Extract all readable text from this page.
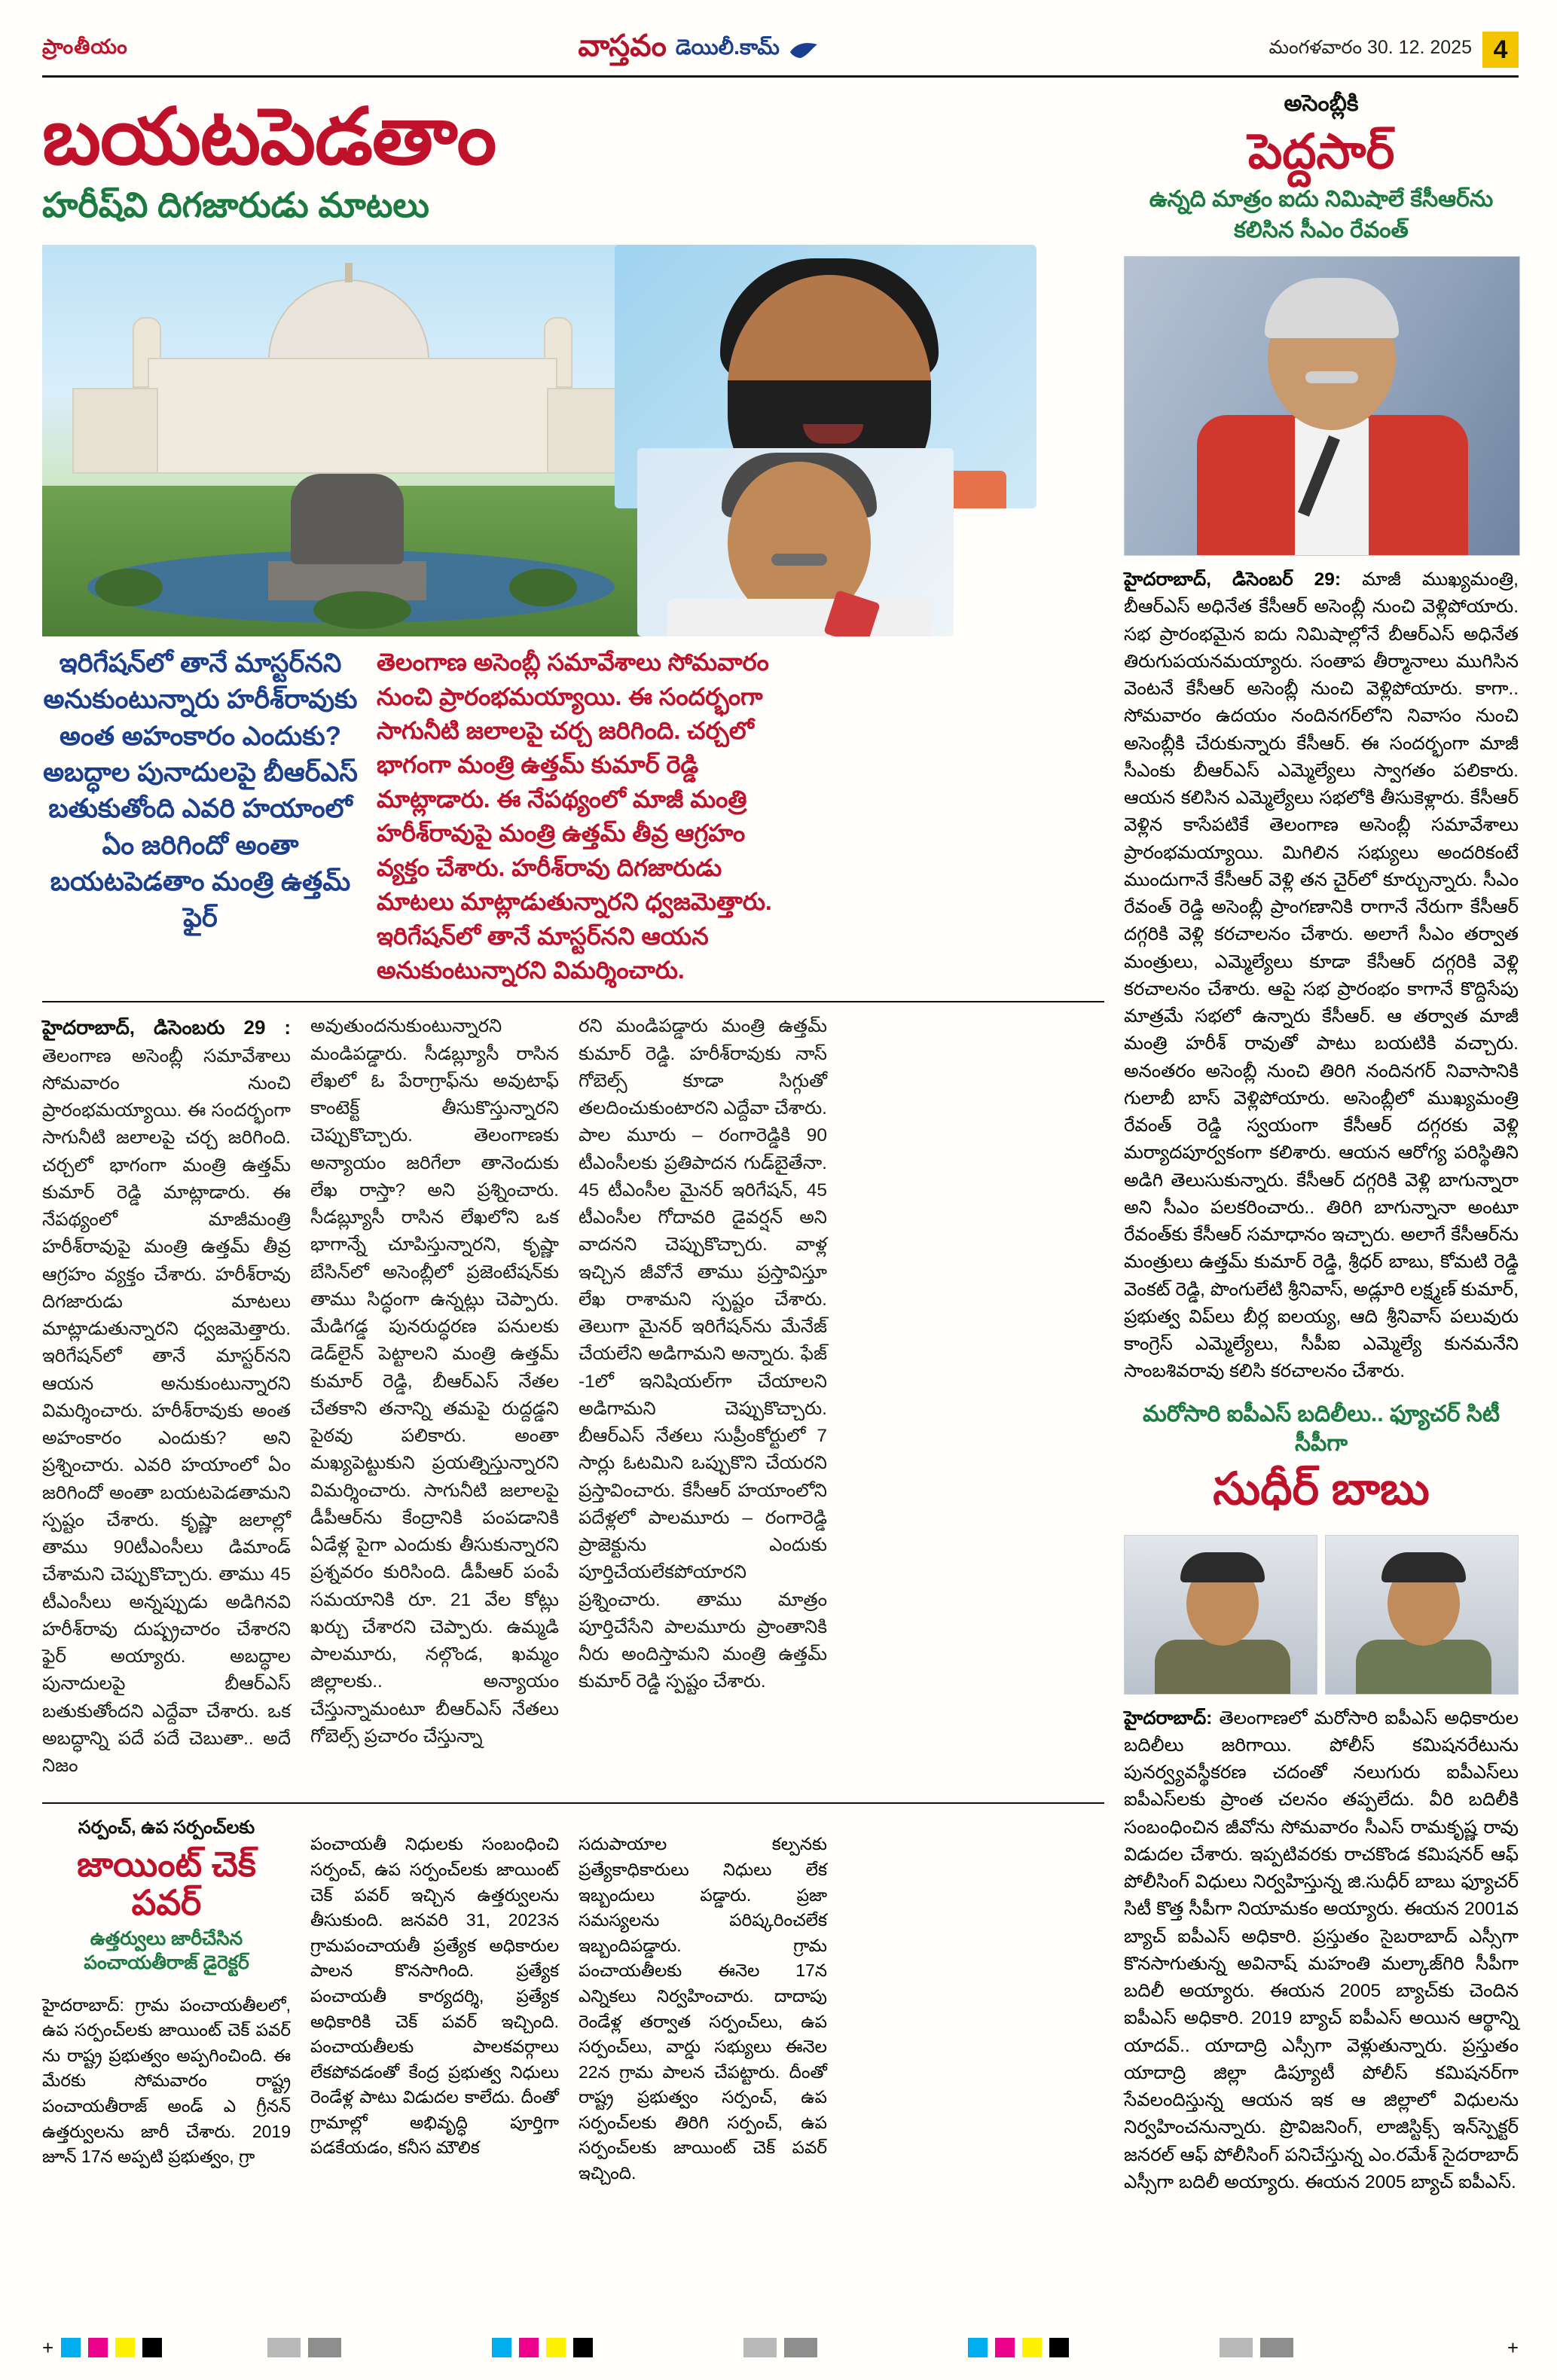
ప్రాంతీయం	వాస్తవం డెయిలీ.కామ్	మంగళవారం 30. 12. 2025 4
బయటపెడతాం
హరీష్‌వి దిగజారుడు మాటలు
ఇరిగేషన్‌లో తానే మాస్టర్‌నని అనుకుంటున్నారు హరీశ్‌రావుకు అంత అహంకారం ఎందుకు? అబద్ధాల పునాదులపై బీఆర్‌ఎస్ బతుకుతోంది ఎవరి హయాంలో ఏం జరిగిందో అంతా బయటపెడతాం మంత్రి ఉత్తమ్ ఫైర్
తెలంగాణ అసెంబ్లీ సమావేశాలు సోమవారం నుంచి ప్రారంభమయ్యాయి. ఈ సందర్భంగా సాగునీటి జలాలపై చర్చ జరిగింది. చర్చలో భాగంగా మంత్రి ఉత్తమ్ కుమార్ రెడ్డి మాట్లాడారు. ఈ నేపథ్యంలో మాజీ మంత్రి హరీశ్‌రావుపై మంత్రి ఉత్తమ్ తీవ్ర ఆగ్రహం వ్యక్తం చేశారు. హరీశ్‌రావు దిగజారుడు మాటలు మాట్లాడుతున్నారని ధ్వజమెత్తారు. ఇరిగేషన్‌లో తానే మాస్టర్‌నని ఆయన అనుకుంటున్నారని విమర్శించారు.

హైదరాబాద్, డిసెంబరు 29 : తెలంగాణ అసెంబ్లీ సమావేశాలు సోమవారం నుంచి ప్రారంభమయ్యాయి. ఈ సందర్భంగా సాగునీటి జలాలపై చర్చ జరిగింది. చర్చలో భాగంగా మంత్రి ఉత్తమ్ కుమార్ రెడ్డి మాట్లాడారు. ఈ నేపథ్యంలో మాజీమంత్రి హరీశ్‌రావుపై మంత్రి ఉత్తమ్ తీవ్ర ఆగ్రహం వ్యక్తం చేశారు. హరీశ్‌రావు దిగజారుడు మాటలు మాట్లాడుతున్నారని ధ్వజమెత్తారు. ఇరిగేషన్‌లో తానే మాస్టర్‌నని ఆయన అనుకుంటున్నారని విమర్శించారు. హరీశ్‌రావుకు అంత అహంకారం ఎందుకు? అని ప్రశ్నించారు. ఎవరి హయాంలో ఏం జరిగిందో అంతా బయటపెడతామని స్పష్టం చేశారు. కృష్ణా జలాల్లో తాము 90టీఎంసీలు డిమాండ్ చేశామని చెప్పుకొచ్చారు. తాము 45 టీఎంసీలు అన్నప్పుడు అడిగినవి హరీశ్‌రావు దుష్ప్రచారం చేశారని ఫైర్ అయ్యారు. అబద్ధాల పునాదులపై బీఆర్‌ఎస్ బతుకుతోందని ఎద్దేవా చేశారు. ఒక అబద్ధాన్ని పదే పదే చెబుతా.. అదే నిజం

అవుతుందనుకుంటున్నారని మండిపడ్డారు. సీడబ్ల్యూసీ రాసిన లేఖలో ఓ పేరాగ్రాఫ్‌ను అవుటాఫ్ కాంటెక్ట్‌ తీసుకొస్తున్నారని చెప్పుకొచ్చారు. తెలంగాణకు అన్యాయం జరిగేలా తానెందుకు లేఖ రాస్తా? అని ప్రశ్నించారు. సీడబ్ల్యూసీ రాసిన లేఖలోని ఒక భాగాన్నే చూపిస్తున్నారని, కృష్ణా బేసిన్‌లో అసెంబ్లీలో ప్రజెంటేషన్‌కు తాము సిద్ధంగా ఉన్నట్లు చెప్పారు. మేడిగడ్డ పునరుద్ధరణ పనులకు డెడ్‌లైన్ పెట్టాలని మంత్రి ఉత్తమ్ కుమార్ రెడ్డి, బీఆర్ఎస్ నేతల చేతకాని తనాన్ని తమపై రుద్దడ్డని పైఠవు పలికారు. అంతా మఖ్యపెట్టుకుని ప్రయత్నిస్తున్నారని విమర్శించారు. సాగునీటి జలాలపై డీపీఆర్‌ను కేంద్రానికి పంపడానికి ఏడేళ్ల పైగా ఎందుకు తీసుకున్నారని ప్రశ్నవరం కురిసింది. డీపీఆర్ పంపే సమయానికి రూ. 21 వేల కోట్లు ఖర్చు చేశారని చెప్పారు. ఉమ్మడి పాలమూరు, నల్గొండ, ఖమ్మం జిల్లాలకు.. అన్యాయం చేస్తున్నామంటూ బీఆర్ఎస్ నేతలు గోబెల్స్ ప్రచారం చేస్తున్నా

రని మండిపడ్డారు మంత్రి ఉత్తమ్ కుమార్ రెడ్డి. హరీశ్‌రావుకు నాస్ గోబెల్స్ కూడా సిగ్గుతో తలదించుకుంటారని ఎద్దేవా చేశారు. పాల మూరు – రంగారెడ్డికి 90 టీఎంసీలకు ప్రతిపాదన గుడ్‌బైతేనా. 45 టీఎంసీల మైనర్ ఇరిగేషన్, 45 టీఎంసీల గోదావరి డైవర్షన్ అని వాదనని చెప్పుకొచ్చారు. వాళ్ల ఇచ్చిన జీవోనే తాము ప్రస్తావిస్తూ లేఖ రాశామని స్పష్టం చేశారు. తెలుగా మైనర్ ఇరిగేషన్‌ను మేనేజ్ చేయలేని అడిగామని అన్నారు. ఫేజ్ -1లో ఇనిషియల్‌గా చేయాలని అడిగామని చెప్పుకొచ్చారు. బీఆర్ఎస్ నేతలు సుప్రీంకోర్టులో 7 సార్లు ఓటమిని ఒప్పుకొని చేయరని ప్రస్తావించారు. కేసీఆర్ హయాంలోని పదేళ్లలో పాలమూరు – రంగారెడ్డి ప్రాజెక్టును ఎందుకు పూర్తిచేయలేకపోయారని ప్రశ్నించారు. తాము మాత్రం పూర్తిచేసేని పాలమూరు ప్రాంతానికి నీరు అందిస్తామని మంత్రి ఉత్తమ్ కుమార్ రెడ్డి స్పష్టం చేశారు.

సర్పంచ్, ఉప సర్పంచ్‌లకు
జాయింట్ చెక్ పవర్
ఉత్తర్వులు జారీచేసిన పంచాయతీరాజ్ డైరెక్టర్

హైదరాబాద్: గ్రామ పంచాయతీలలో, ఉప సర్పంచ్‌లకు జాయింట్ చెక్ పవర్ ను రాష్ట్ర ప్రభుత్వం అప్పగించింది. ఈ మేరకు సోమవారం రాష్ట్ర పంచాయతీరాజ్ అండ్ ఎ గ్రీనన్ ఉత్తర్వులను జారీ చేశారు. 2019 జూన్ 17న అప్పటి ప్రభుత్వం, గ్రా

పంచాయతీ నిధులకు సంబంధించి సర్పంచ్, ఉప సర్పంచ్‌లకు జాయింట్ చెక్ పవర్ ఇచ్చిన ఉత్తర్వులను తీసుకుంది. జనవరి 31, 2023న గ్రామపంచాయతీ ప్రత్యేక అధికారుల పాలన కొనసాగింది. ప్రత్యేక పంచాయతీ కార్యదర్శి, ప్రత్యేక అధికారికి చెక్ పవర్ ఇచ్చింది. పంచాయతీలకు పాలకవర్గాలు లేకపోవడంతో కేంద్ర ప్రభుత్వ నిధులు రెండేళ్ల పాటు విడుదల కాలేదు. దీంతో గ్రామాల్లో అభివృద్ధి పూర్తిగా పడకేయడం, కనీస మౌలిక

సదుపాయాల కల్పనకు ప్రత్యేకాధికారులు నిధులు లేక ఇబ్బందులు పడ్డారు. ప్రజా సమస్యలను పరిష్కరించలేక ఇబ్బందిపడ్డారు. గ్రామ పంచాయతీలకు ఈనెల 17న ఎన్నికలు నిర్వహించారు. దాదాపు రెండేళ్ల తర్వాత సర్పంచ్‌లు, ఉప సర్పంచ్‌లు, వార్డు సభ్యులు ఈనెల 22న గ్రామ పాలన చేపట్టారు. దీంతో రాష్ట్ర ప్రభుత్వం సర్పంచ్, ఉప సర్పంచ్‌లకు తిరిగి సర్పంచ్, ఉప సర్పంచ్‌లకు జాయింట్ చెక్ పవర్ ఇచ్చింది.

అసెంబ్లీకి
పెద్దసార్
ఉన్నది మాత్రం ఐదు నిమిషాలే కేసీఆర్‌ను కలిసిన సీఎం రేవంత్
హైదరాబాద్, డిసెంబర్ 29: మాజీ ముఖ్యమంత్రి, బీఆర్ఎస్ అధినేత కేసీఆర్ అసెంబ్లీ నుంచి వెళ్లిపోయారు. సభ ప్రారంభమైన ఐదు నిమిషాల్లోనే బీఆర్ఎస్ అధినేత తిరుగుపయనమయ్యారు. సంతాప తీర్మానాలు ముగిసిన వెంటనే కేసీఆర్ అసెంబ్లీ నుంచి వెళ్లిపోయారు. కాగా.. సోమవారం ఉదయం నందినగర్‌లోని నివాసం నుంచి అసెంబ్లీకి చేరుకున్నారు కేసీఆర్. ఈ సందర్భంగా మాజీ సీఎంకు బీఆర్ఎస్ ఎమ్మెల్యేలు స్వాగతం పలికారు. ఆయన కలిసిన ఎమ్మెల్యేలు సభలోకి తీసుకెళ్లారు. కేసీఆర్ వెళ్లిన కాసేపటికే తెలంగాణ అసెంబ్లీ సమావేశాలు ప్రారంభమయ్యాయి. మిగిలిన సభ్యులు అందరికంటే ముందుగానే కేసీఆర్ వెళ్లి తన చైర్‌లో కూర్చున్నారు. సీఎం రేవంత్ రెడ్డి అసెంబ్లీ ప్రాంగణానికి రాగానే నేరుగా కేసీఆర్ దగ్గరికి వెళ్లి కరచాలనం చేశారు. అలాగే సీఎం తర్వాత మంత్రులు, ఎమ్మెల్యేలు కూడా కేసీఆర్ దగ్గరికి వెళ్లి కరచాలనం చేశారు. ఆపై సభ ప్రారంభం కాగానే కొద్దిసేపు మాత్రమే సభలో ఉన్నారు కేసీఆర్. ఆ తర్వాత మాజీ మంత్రి హరీశ్ రావుతో పాటు బయటికి వచ్చారు. అనంతరం అసెంబ్లీ నుంచి తిరిగి నందినగర్ నివాసానికి గులాబీ బాస్ వెళ్లిపోయారు. అసెంబ్లీలో ముఖ్యమంత్రి రేవంత్ రెడ్డి స్వయంగా కేసీఆర్ దగ్గరకు వెళ్లి మర్యాదపూర్వకంగా కలిశారు. ఆయన ఆరోగ్య పరిస్థితిని అడిగి తెలుసుకున్నారు. కేసీఆర్ దగ్గరికి వెళ్లి బాగున్నారా అని సీఎం పలకరించారు.. తిరిగి బాగున్నానా అంటూ రేవంత్‌కు కేసీఆర్ సమాధానం ఇచ్చారు. అలాగే కేసీఆర్‌ను మంత్రులు ఉత్తమ్ కుమార్ రెడ్డి, శ్రీధర్ బాబు, కోమటి రెడ్డి వెంకట్ రెడ్డి, పొంగులేటి శ్రీనివాస్, అడ్లూరి లక్ష్మణ్ కుమార్, ప్రభుత్వ విప్‌లు బీర్ల ఐలయ్య, ఆది శ్రీనివాస్ పలువురు కాంగ్రెస్ ఎమ్మెల్యేలు, సీపీఐ ఎమ్మెల్యే కునమనేని సాంబశివరావు కలిసి కరచాలనం చేశారు.
మరోసారి ఐపీఎస్ బదిలీలు.. ఫ్యూచర్ సిటీ సీపీగా
సుధీర్ బాబు
హైదరాబాద్: తెలంగాణలో మరోసారి ఐపీఎస్ అధికారుల బదిలీలు జరిగాయి. పోలీస్ కమిషనరేటును పునర్వ్యవస్థీకరణ చదంతో నలుగురు ఐపీఎస్‌లు ఐపీఎస్‌లకు ప్రాంత చలనం తప్పలేదు. వీరి బదిలీకి సంబంధించిన జీవోను సోమవారం సీఎస్ రామకృష్ణ రావు విడుదల చేశారు. ఇప్పటివరకు రాచకొండ కమిషనర్ ఆఫ్ పోలీసింగ్ విధులు నిర్వహిస్తున్న జి.సుధీర్ బాబు ఫ్యూచర్ సిటీ కొత్త సీపీగా నియామకం అయ్యారు. ఈయన 2001వ బ్యాచ్ ఐపీఎస్ అధికారి. ప్రస్తుతం సైబరాబాద్ ఎస్సీగా కొనసాగుతున్న అవినాష్ మహంతి మల్కాజ్‌గిరి సీపీగా బదిలీ అయ్యారు. ఈయన 2005 బ్యాచ్‌కు చెందిన ఐపీఎస్ అధికారి. 2019 బ్యాచ్ ఐపీఎస్ అయిన ఆర్థాన్ని యాదవ్.. యాదాద్రి ఎస్సీగా వెళ్లుతున్నారు. ప్రస్తుతం యాదాద్రి జిల్లా డిప్యూటీ పోలీస్ కమిషనర్‌గా సేవలందిస్తున్న ఆయన ఇక ఆ జిల్లాలో విధులను నిర్వహించనున్నారు. ప్రొవిజనింగ్, లాజిస్టిక్స్ ఇన్‌స్పెక్టర్ జనరల్ ఆఫ్ పోలీసింగ్‌ పనిచేస్తున్న ఎం.రమేశ్ సైదరాబాద్ ఎస్సీగా బదిలీ అయ్యారు. ఈయన 2005 బ్యాచ్ ఐపీఎస్.
+	+
